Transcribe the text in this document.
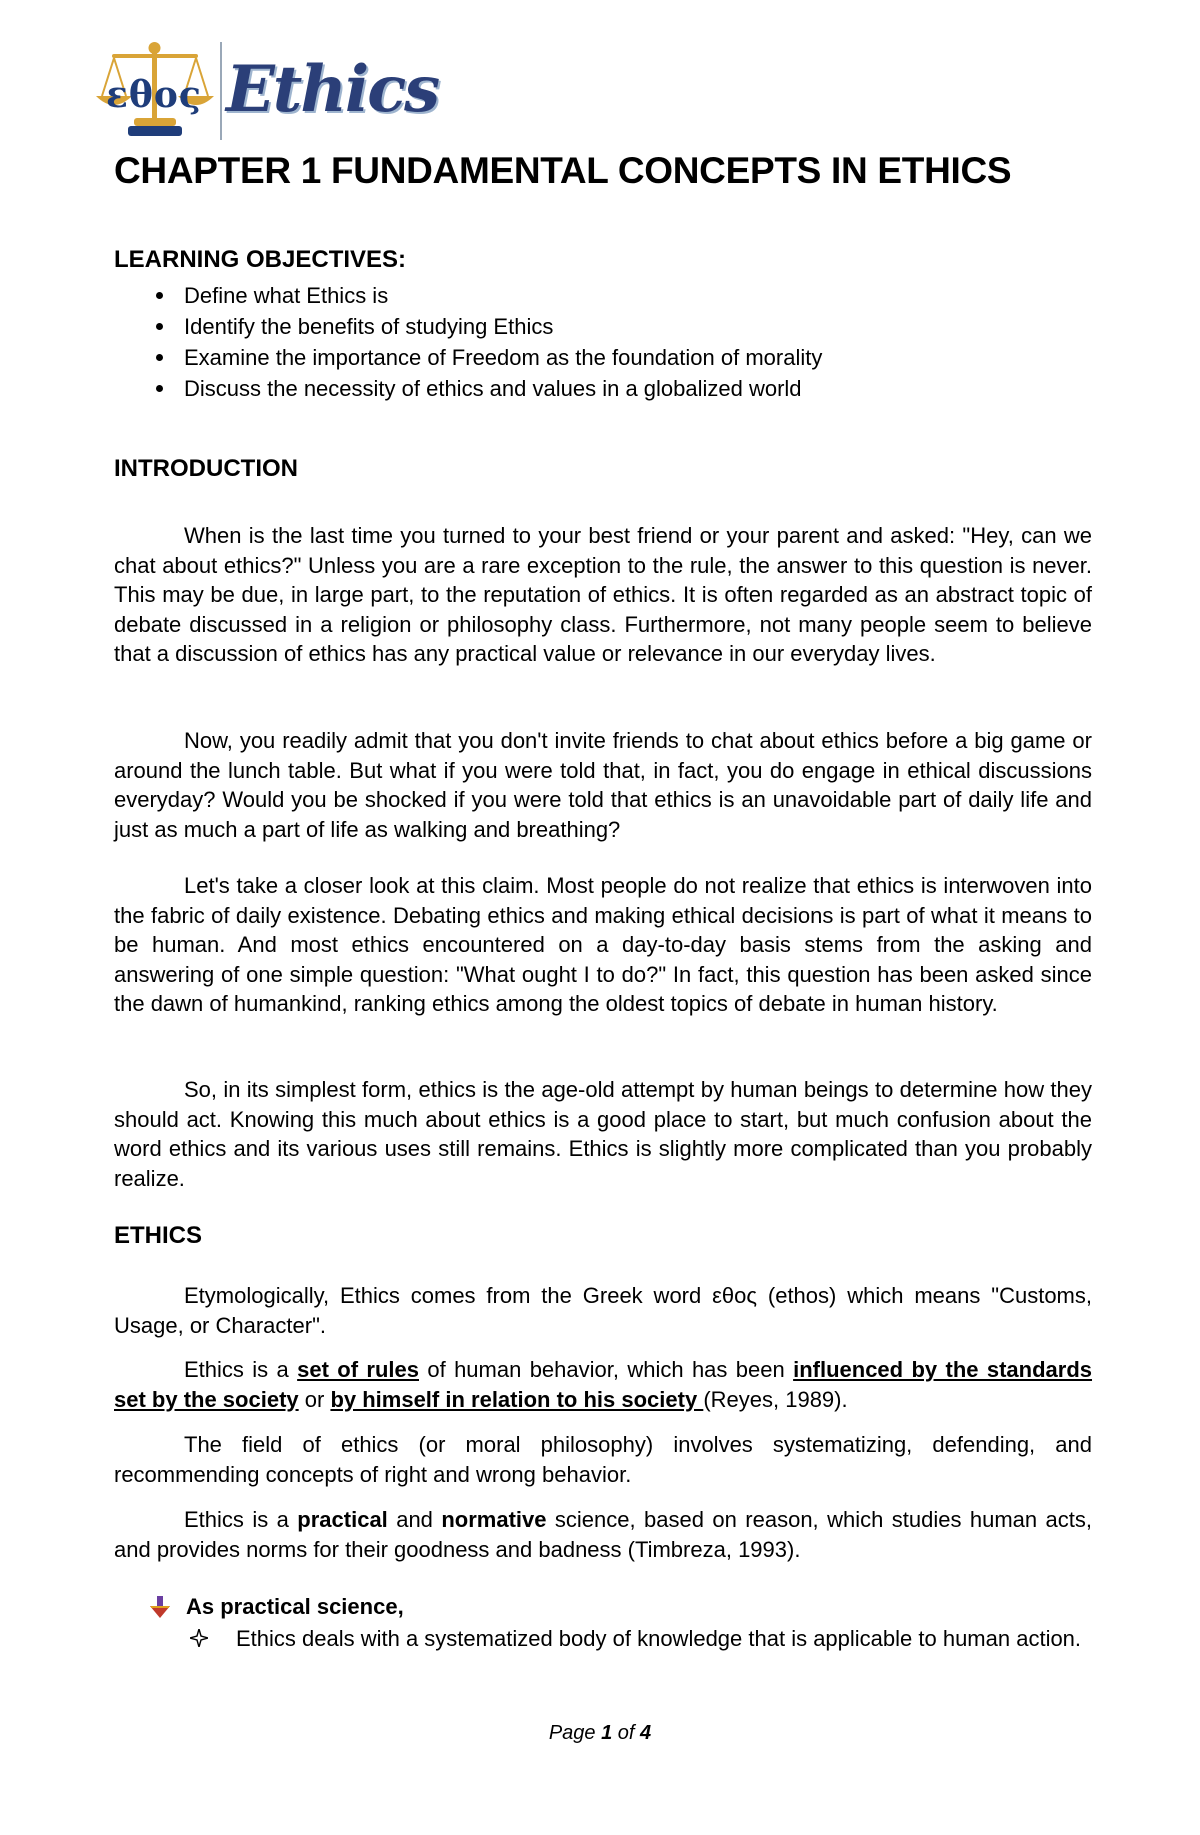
εθος Ethics
CHAPTER 1 FUNDAMENTAL CONCEPTS IN ETHICS
LEARNING OBJECTIVES:
Define what Ethics is
Identify the benefits of studying Ethics
Examine the importance of Freedom as the foundation of morality
Discuss the necessity of ethics and values in a globalized world
INTRODUCTION

When is the last time you turned to your best friend or your parent and asked: "Hey, can we chat about ethics?" Unless you are a rare exception to the rule, the answer to this question is never. This may be due, in large part, to the reputation of ethics. It is often regarded as an abstract topic of debate discussed in a religion or philosophy class. Furthermore, not many people seem to believe that a discussion of ethics has any practical value or relevance in our everyday lives.

Now, you readily admit that you don't invite friends to chat about ethics before a big game or around the lunch table. But what if you were told that, in fact, you do engage in ethical discussions everyday? Would you be shocked if you were told that ethics is an unavoidable part of daily life and just as much a part of life as walking and breathing?

Let's take a closer look at this claim. Most people do not realize that ethics is interwoven into the fabric of daily existence. Debating ethics and making ethical decisions is part of what it means to be human. And most ethics encountered on a day-to-day basis stems from the asking and answering of one simple question: "What ought I to do?" In fact, this question has been asked since the dawn of humankind, ranking ethics among the oldest topics of debate in human history.

So, in its simplest form, ethics is the age-old attempt by human beings to determine how they should act. Knowing this much about ethics is a good place to start, but much confusion about the word ethics and its various uses still remains. Ethics is slightly more complicated than you probably realize.

ETHICS

Etymologically, Ethics comes from the Greek word εθος (ethos) which means "Customs, Usage, or Character".

Ethics is a set of rules of human behavior, which has been influenced by the standards set by the society or by himself in relation to his society (Reyes, 1989).

The field of ethics (or moral philosophy) involves systematizing, defending, and recommending concepts of right and wrong behavior.

Ethics is a practical and normative science, based on reason, which studies human acts, and provides norms for their goodness and badness (Timbreza, 1993).

As practical science,
Ethics deals with a systematized body of knowledge that is applicable to human action.
Page 1 of 4
